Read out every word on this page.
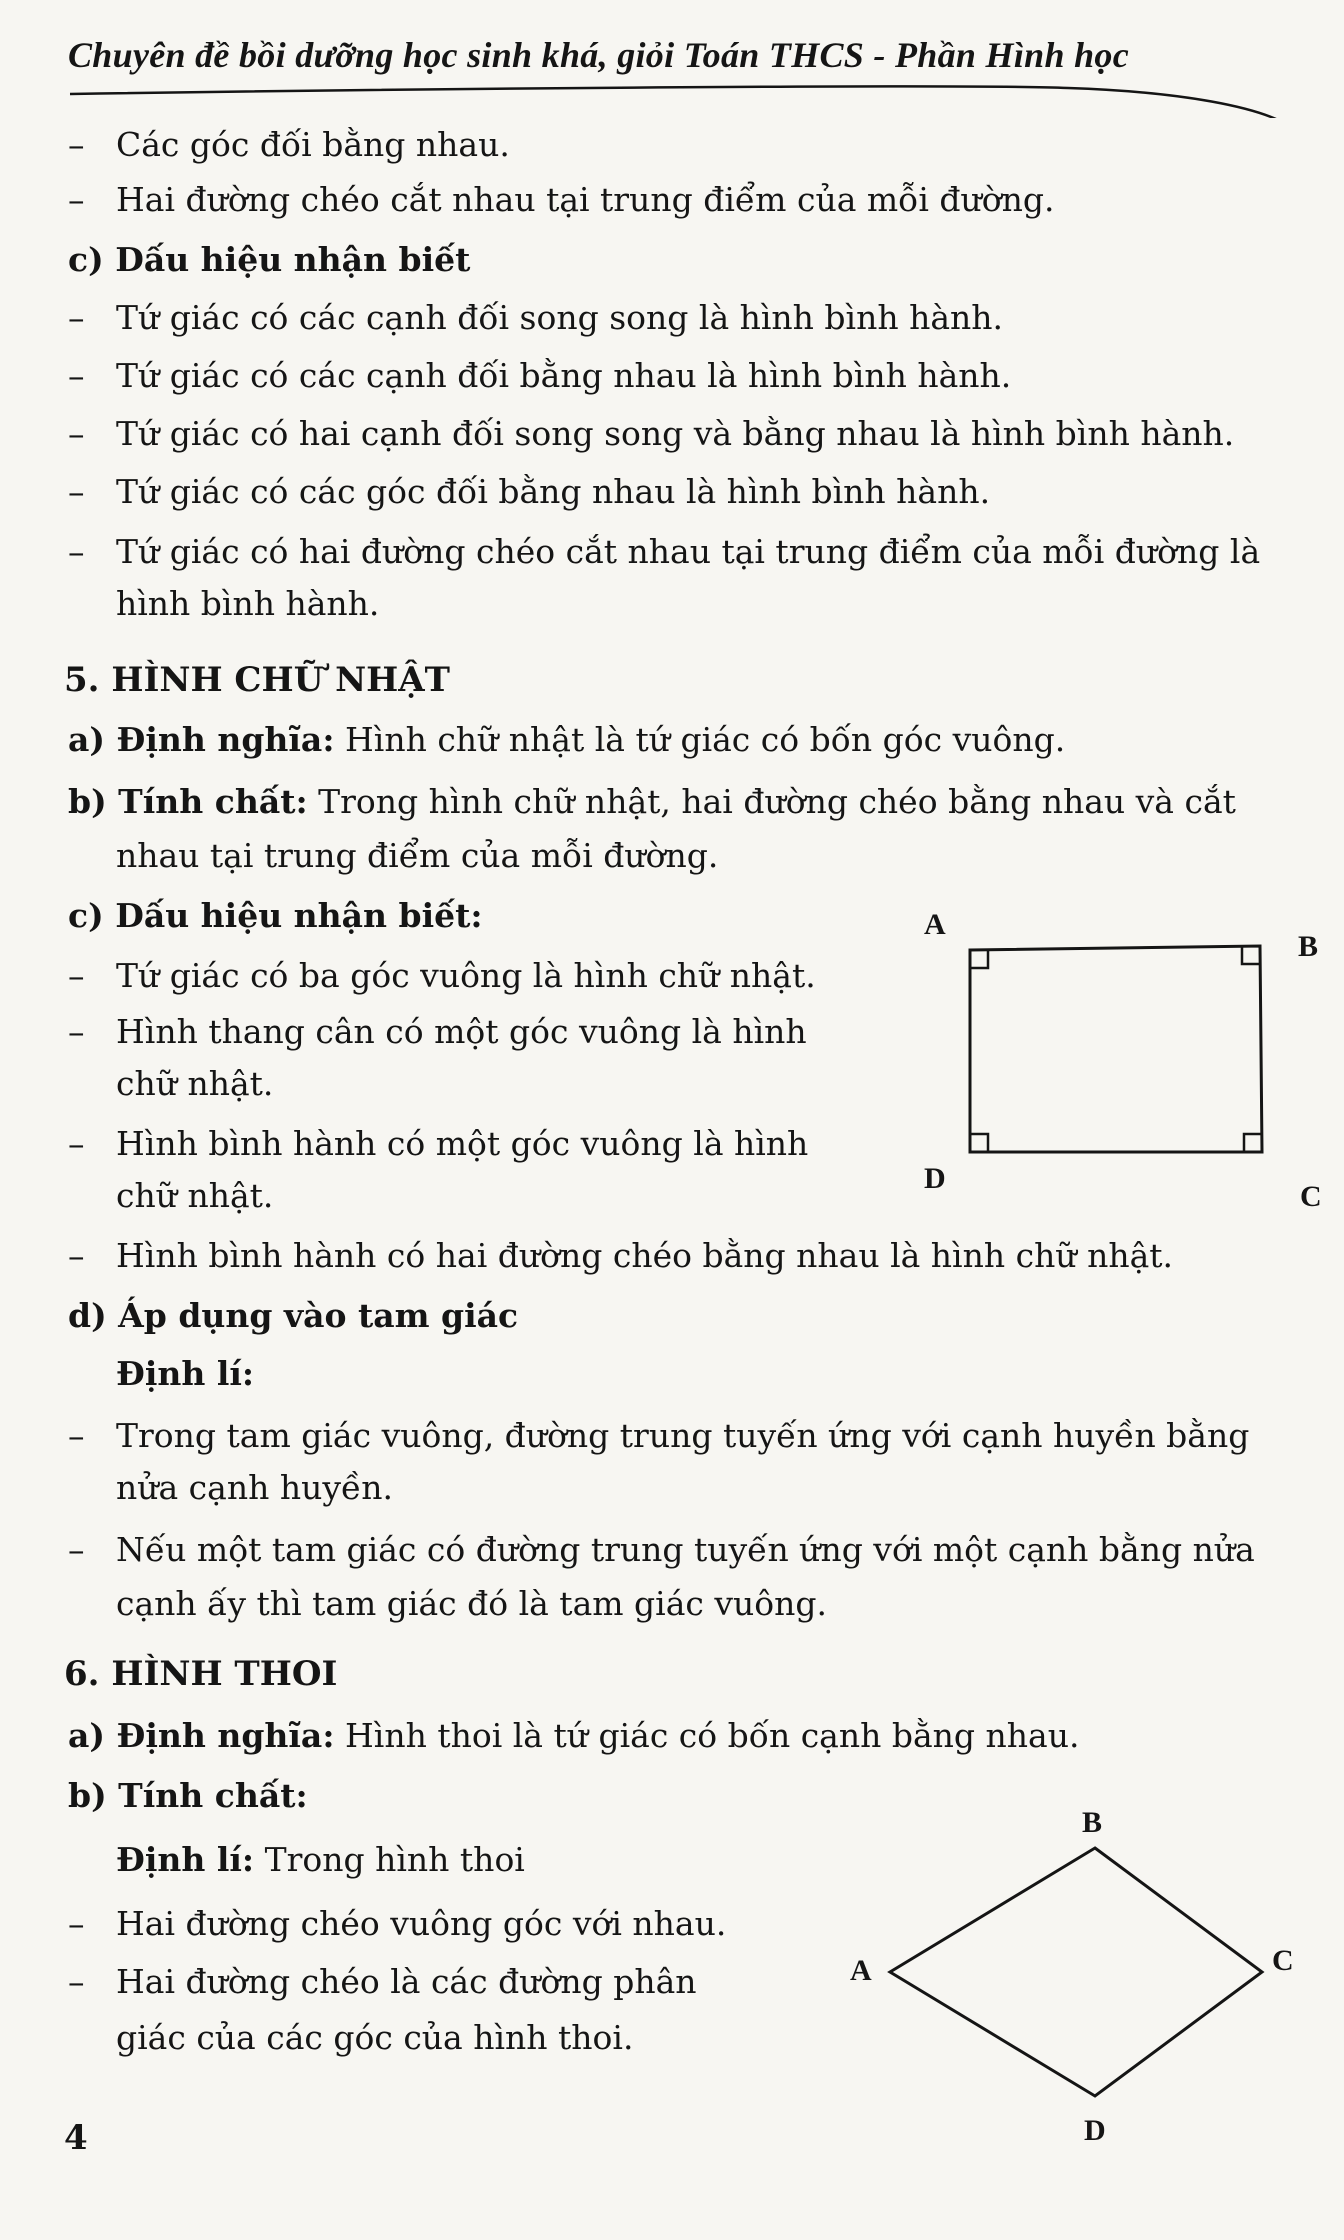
Chuyên đề bồi dưỡng học sinh khá, giỏi Toán THCS - Phần Hình học
– Các góc đối bằng nhau.
– Hai đường chéo cắt nhau tại trung điểm của mỗi đường.
c) Dấu hiệu nhận biết
– Tứ giác có các cạnh đối song song là hình bình hành.
– Tứ giác có các cạnh đối bằng nhau là hình bình hành.
– Tứ giác có hai cạnh đối song song và bằng nhau là hình bình hành.
– Tứ giác có các góc đối bằng nhau là hình bình hành.
– Tứ giác có hai đường chéo cắt nhau tại trung điểm của mỗi đường là
hình bình hành.
5. HÌNH CHỮ NHẬT
a) Định nghĩa: Hình chữ nhật là tứ giác có bốn góc vuông.
b) Tính chất: Trong hình chữ nhật, hai đường chéo bằng nhau và cắt
nhau tại trung điểm của mỗi đường.
c) Dấu hiệu nhận biết:
– Tứ giác có ba góc vuông là hình chữ nhật.
– Hình thang cân có một góc vuông là hình
chữ nhật.
– Hình bình hành có một góc vuông là hình
chữ nhật.
– Hình bình hành có hai đường chéo bằng nhau là hình chữ nhật.
A
B
C
D
d) Áp dụng vào tam giác
Định lí:
– Trong tam giác vuông, đường trung tuyến ứng với cạnh huyền bằng
nửa cạnh huyền.
– Nếu một tam giác có đường trung tuyến ứng với một cạnh bằng nửa
cạnh ấy thì tam giác đó là tam giác vuông.
6. HÌNH THOI
a) Định nghĩa: Hình thoi là tứ giác có bốn cạnh bằng nhau.
b) Tính chất:
Định lí: Trong hình thoi
– Hai đường chéo vuông góc với nhau.
– Hai đường chéo là các đường phân
giác của các góc của hình thoi.
B
A	C
D
4
